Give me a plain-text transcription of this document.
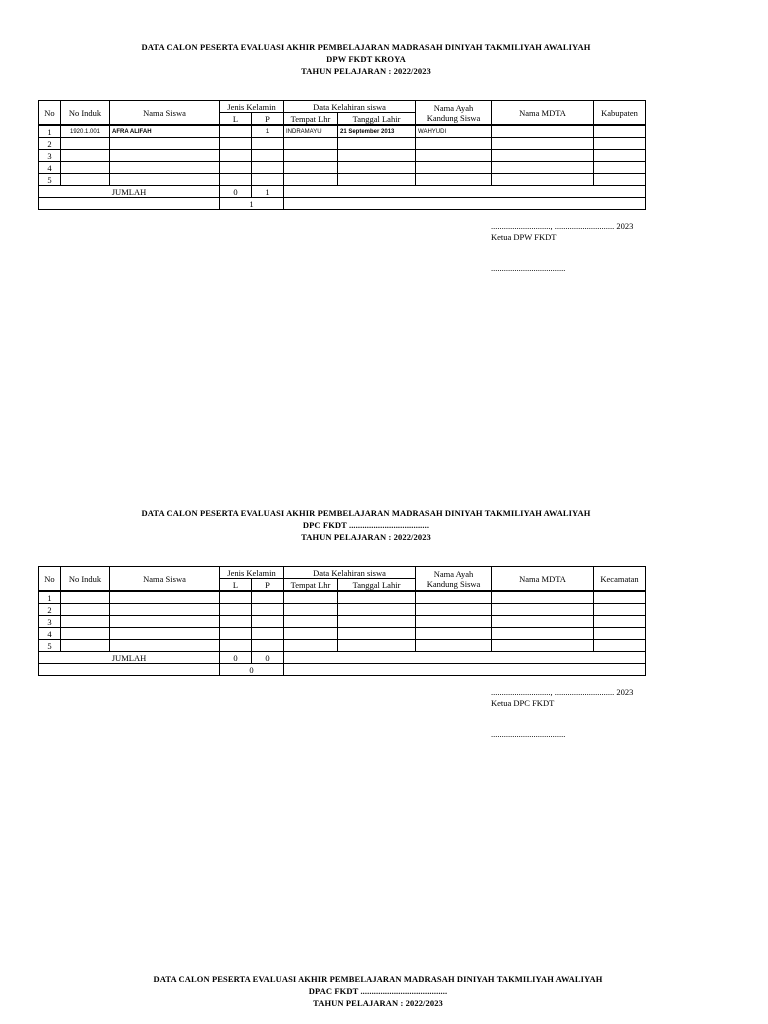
DATA CALON PESERTA EVALUASI AKHIR PEMBELAJARAN MADRASAH DINIYAH TAKMILIYAH AWALIYAH
DPW FKDT KROYA
TAHUN PELAJARAN : 2022/2023
No	No Induk	Nama Siswa	Jenis Kelamin		Data Kelahiran siswa		Nama Ayah Kandung Siswa	Nama MDTA	Kabupaten
			L	P	Tempat Lhr	Tanggal Lahir			
1	1920.1.001	AFRA ALIFAH		1	INDRAMAYU	21 September 2013	WAHYUDI		
2									
3									
4									
5									
JUMLAH			0	1					
			1						
............................, ............................ 2023
Ketua DPW FKDT
...................................
DATA CALON PESERTA EVALUASI AKHIR PEMBELAJARAN MADRASAH DINIYAH TAKMILIYAH AWALIYAH
DPC FKDT ....................................
TAHUN PELAJARAN : 2022/2023
No	No Induk	Nama Siswa	Jenis Kelamin		Data Kelahiran siswa		Nama Ayah Kandung Siswa	Nama MDTA	Kecamatan
			L	P	Tempat Lhr	Tanggal Lahir			
1									
2									
3									
4									
5									
JUMLAH			0	0					
			0						
............................, ............................ 2023
Ketua DPC FKDT
...................................
DATA CALON PESERTA EVALUASI AKHIR PEMBELAJARAN MADRASAH DINIYAH TAKMILIYAH AWALIYAH
DPAC FKDT .......................................
TAHUN PELAJARAN : 2022/2023
